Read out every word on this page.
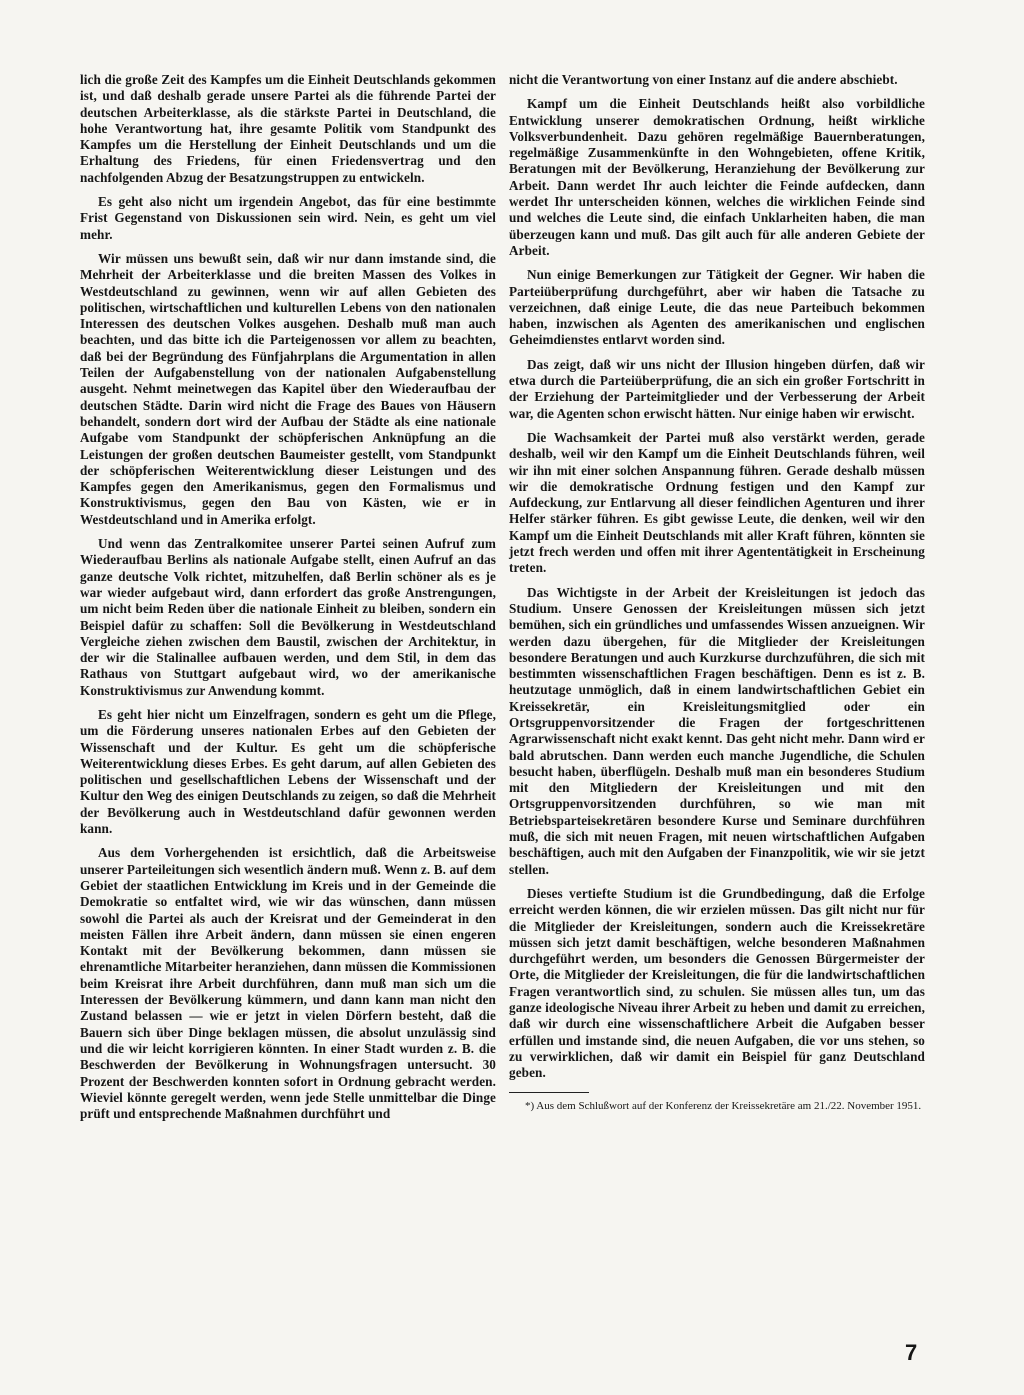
lich die große Zeit des Kampfes um die Einheit Deutschlands gekommen ist, und daß deshalb gerade unsere Partei als die führende Partei der deutschen Arbeiterklasse, als die stärkste Partei in Deutschland, die hohe Verantwortung hat, ihre gesamte Politik vom Standpunkt des Kampfes um die Herstellung der Einheit Deutschlands und um die Erhaltung des Friedens, für einen Friedensvertrag und den nachfolgenden Abzug der Besatzungstruppen zu entwickeln.

Es geht also nicht um irgendein Angebot, das für eine bestimmte Frist Gegenstand von Diskussionen sein wird. Nein, es geht um viel mehr.

Wir müssen uns bewußt sein, daß wir nur dann imstande sind, die Mehrheit der Arbeiterklasse und die breiten Massen des Volkes in Westdeutschland zu gewinnen, wenn wir auf allen Gebieten des politischen, wirtschaftlichen und kulturellen Lebens von den nationalen Interessen des deutschen Volkes ausgehen. Deshalb muß man auch beachten, und das bitte ich die Parteigenossen vor allem zu beachten, daß bei der Begründung des Fünfjahrplans die Argumentation in allen Teilen der Aufgabenstellung von der nationalen Aufgabenstellung ausgeht. Nehmt meinetwegen das Kapitel über den Wiederaufbau der deutschen Städte. Darin wird nicht die Frage des Baues von Häusern behandelt, sondern dort wird der Aufbau der Städte als eine nationale Aufgabe vom Standpunkt der schöpferischen Anknüpfung an die Leistungen der großen deutschen Baumeister gestellt, vom Standpunkt der schöpferischen Weiterentwicklung dieser Leistungen und des Kampfes gegen den Amerikanismus, gegen den Formalismus und Konstruktivismus, gegen den Bau von Kästen, wie er in Westdeutschland und in Amerika erfolgt.

Und wenn das Zentralkomitee unserer Partei seinen Aufruf zum Wiederaufbau Berlins als nationale Aufgabe stellt, einen Aufruf an das ganze deutsche Volk richtet, mitzuhelfen, daß Berlin schöner als es je war wieder aufgebaut wird, dann erfordert das große Anstrengungen, um nicht beim Reden über die nationale Einheit zu bleiben, sondern ein Beispiel dafür zu schaffen: Soll die Bevölkerung in Westdeutschland Vergleiche ziehen zwischen dem Baustil, zwischen der Architektur, in der wir die Stalinallee aufbauen werden, und dem Stil, in dem das Rathaus von Stuttgart aufgebaut wird, wo der amerikanische Konstruktivismus zur Anwendung kommt.

Es geht hier nicht um Einzelfragen, sondern es geht um die Pflege, um die Förderung unseres nationalen Erbes auf den Gebieten der Wissenschaft und der Kultur. Es geht um die schöpferische Weiterentwicklung dieses Erbes. Es geht darum, auf allen Gebieten des politischen und gesellschaftlichen Lebens der Wissenschaft und der Kultur den Weg des einigen Deutschlands zu zeigen, so daß die Mehrheit der Bevölkerung auch in Westdeutschland dafür gewonnen werden kann.

Aus dem Vorhergehenden ist ersichtlich, daß die Arbeitsweise unserer Parteileitungen sich wesentlich ändern muß. Wenn z. B. auf dem Gebiet der staatlichen Entwicklung im Kreis und in der Gemeinde die Demokratie so entfaltet wird, wie wir das wünschen, dann müssen sowohl die Partei als auch der Kreisrat und der Gemeinderat in den meisten Fällen ihre Arbeit ändern, dann müssen sie einen engeren Kontakt mit der Bevölkerung bekommen, dann müssen sie ehrenamtliche Mitarbeiter heranziehen, dann müssen die Kommissionen beim Kreisrat ihre Arbeit durchführen, dann muß man sich um die Interessen der Bevölkerung kümmern, und dann kann man nicht den Zustand belassen — wie er jetzt in vielen Dörfern besteht, daß die Bauern sich über Dinge beklagen müssen, die absolut unzulässig sind und die wir leicht korrigieren könnten. In einer Stadt wurden z. B. die Beschwerden der Bevölkerung in Wohnungsfragen untersucht. 30 Prozent der Beschwerden konnten sofort in Ordnung gebracht werden. Wieviel könnte geregelt werden, wenn jede Stelle unmittelbar die Dinge prüft und entsprechende Maßnahmen durchführt und

nicht die Verantwortung von einer Instanz auf die andere abschiebt.

Kampf um die Einheit Deutschlands heißt also vorbildliche Entwicklung unserer demokratischen Ordnung, heißt wirkliche Volksverbundenheit. Dazu gehören regelmäßige Bauernberatungen, regelmäßige Zusammenkünfte in den Wohngebieten, offene Kritik, Beratungen mit der Bevölkerung, Heranziehung der Bevölkerung zur Arbeit. Dann werdet Ihr auch leichter die Feinde aufdecken, dann werdet Ihr unterscheiden können, welches die wirklichen Feinde sind und welches die Leute sind, die einfach Unklarheiten haben, die man überzeugen kann und muß. Das gilt auch für alle anderen Gebiete der Arbeit.

Nun einige Bemerkungen zur Tätigkeit der Gegner. Wir haben die Parteiüberprüfung durchgeführt, aber wir haben die Tatsache zu verzeichnen, daß einige Leute, die das neue Parteibuch bekommen haben, inzwischen als Agenten des amerikanischen und englischen Geheimdienstes entlarvt worden sind.

Das zeigt, daß wir uns nicht der Illusion hingeben dürfen, daß wir etwa durch die Parteiüberprüfung, die an sich ein großer Fortschritt in der Erziehung der Parteimitglieder und der Verbesserung der Arbeit war, die Agenten schon erwischt hätten. Nur einige haben wir erwischt.

Die Wachsamkeit der Partei muß also verstärkt werden, gerade deshalb, weil wir den Kampf um die Einheit Deutschlands führen, weil wir ihn mit einer solchen Anspannung führen. Gerade deshalb müssen wir die demokratische Ordnung festigen und den Kampf zur Aufdeckung, zur Entlarvung all dieser feindlichen Agenturen und ihrer Helfer stärker führen. Es gibt gewisse Leute, die denken, weil wir den Kampf um die Einheit Deutschlands mit aller Kraft führen, könnten sie jetzt frech werden und offen mit ihrer Agententätigkeit in Erscheinung treten.

Das Wichtigste in der Arbeit der Kreisleitungen ist jedoch das Studium. Unsere Genossen der Kreisleitungen müssen sich jetzt bemühen, sich ein gründliches und umfassendes Wissen anzueignen. Wir werden dazu übergehen, für die Mitglieder der Kreisleitungen besondere Beratungen und auch Kurzkurse durchzuführen, die sich mit bestimmten wissenschaftlichen Fragen beschäftigen. Denn es ist z. B. heutzutage unmöglich, daß in einem landwirtschaftlichen Gebiet ein Kreissekretär, ein Kreisleitungsmitglied oder ein Ortsgruppenvorsitzender die Fragen der fortgeschrittenen Agrarwissenschaft nicht exakt kennt. Das geht nicht mehr. Dann wird er bald abrutschen. Dann werden euch manche Jugendliche, die Schulen besucht haben, überflügeln. Deshalb muß man ein besonderes Studium mit den Mitgliedern der Kreisleitungen und mit den Ortsgruppenvorsitzenden durchführen, so wie man mit Betriebsparteisekretären besondere Kurse und Seminare durchführen muß, die sich mit neuen Fragen, mit neuen wirtschaftlichen Aufgaben beschäftigen, auch mit den Aufgaben der Finanzpolitik, wie wir sie jetzt stellen.

Dieses vertiefte Studium ist die Grundbedingung, daß die Erfolge erreicht werden können, die wir erzielen müssen. Das gilt nicht nur für die Mitglieder der Kreisleitungen, sondern auch die Kreissekretäre müssen sich jetzt damit beschäftigen, welche besonderen Maßnahmen durchgeführt werden, um besonders die Genossen Bürgermeister der Orte, die Mitglieder der Kreisleitungen, die für die landwirtschaftlichen Fragen verantwortlich sind, zu schulen. Sie müssen alles tun, um das ganze ideologische Niveau ihrer Arbeit zu heben und damit zu erreichen, daß wir durch eine wissenschaftlichere Arbeit die Aufgaben besser erfüllen und imstande sind, die neuen Aufgaben, die vor uns stehen, so zu verwirklichen, daß wir damit ein Beispiel für ganz Deutschland geben.

*) Aus dem Schlußwort auf der Konferenz der Kreissekretäre am 21./22. November 1951.

7
